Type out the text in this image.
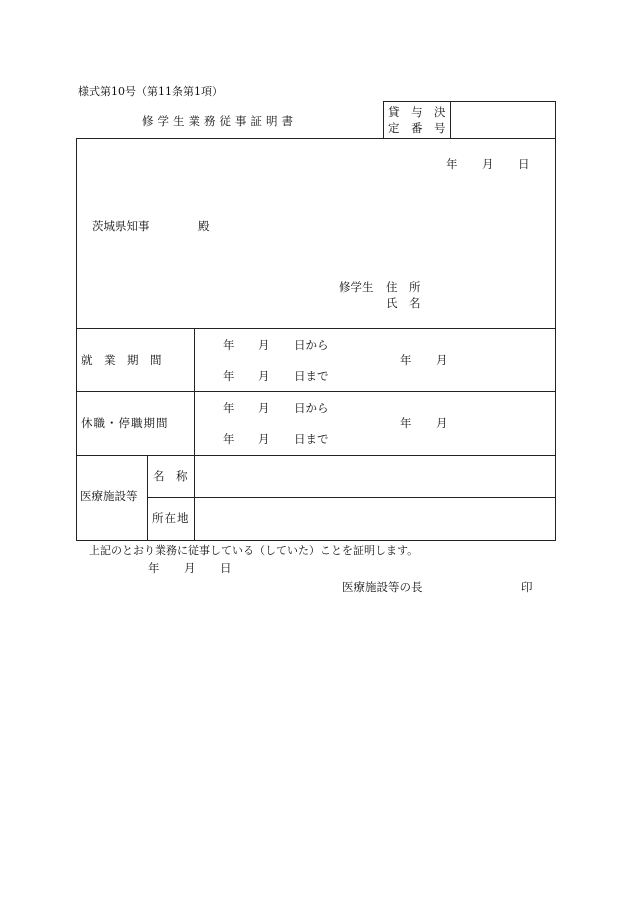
様式第10号（第11条第1項）
修学生業務従事証明書
貸　与　決
定　番　号
年 月 日
茨城県知事	殿
修学生 住　所
氏　名
就　業　期　間
年 月 日から
年 月 日まで
年 月
休職・停職期間
年 月 日から
年 月 日まで
年 月
医療施設等
名　称
所在地
上記のとおり業務に従事している（していた）ことを証明します。
年 月 日
医療施設等の長	印
